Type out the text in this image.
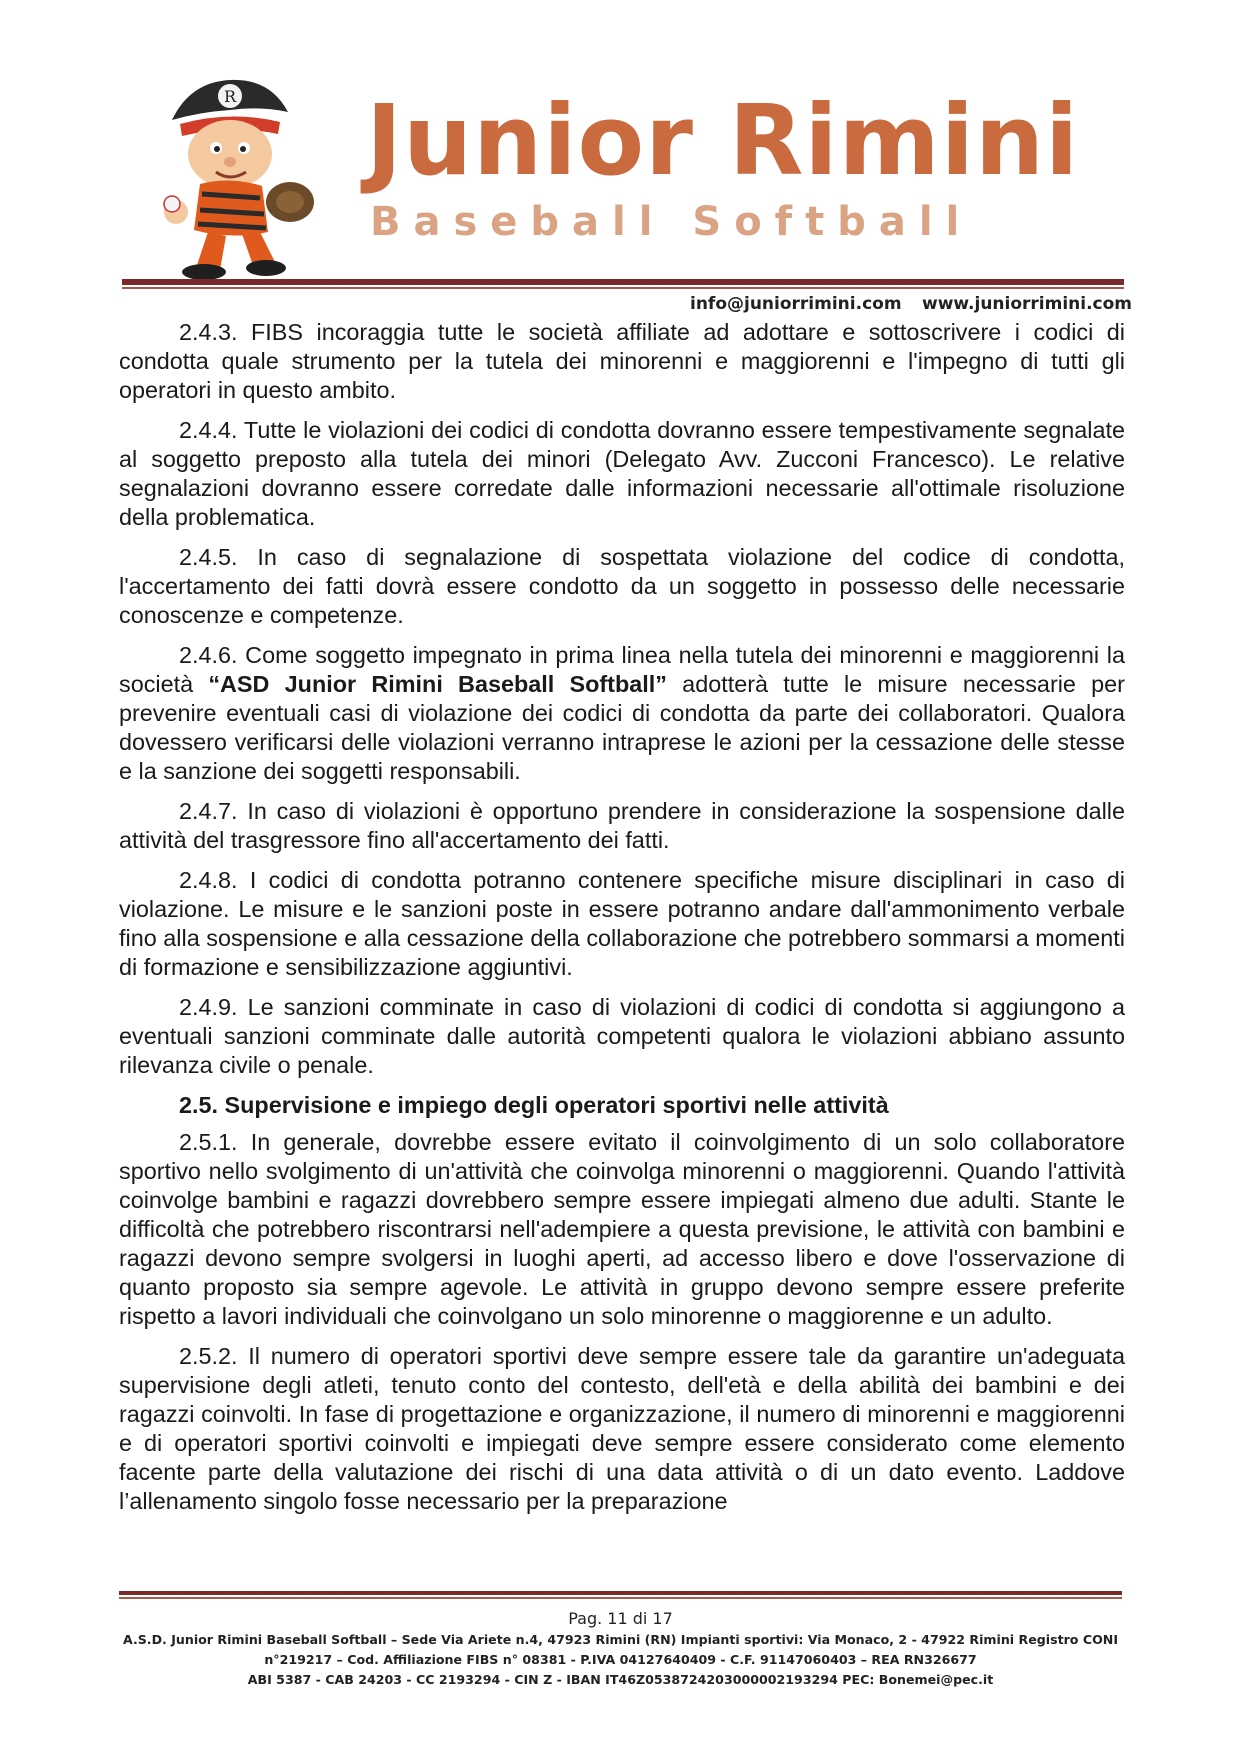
R Junior Rimini
Baseball Softball
info@juniorrimini.com www.juniorrimini.com

2.4.3. FIBS incoraggia tutte le società affiliate ad adottare e sottoscrivere i codici di condotta quale strumento per la tutela dei minorenni e maggiorenni e l'impegno di tutti gli operatori in questo ambito.

2.4.4. Tutte le violazioni dei codici di condotta dovranno essere tempestivamente segnalate al soggetto preposto alla tutela dei minori (Delegato Avv. Zucconi Francesco). Le relative segnalazioni dovranno essere corredate dalle informazioni necessarie all'ottimale risoluzione della problematica.

2.4.5. In caso di segnalazione di sospettata violazione del codice di condotta, l'accertamento dei fatti dovrà essere condotto da un soggetto in possesso delle necessarie conoscenze e competenze.

2.4.6. Come soggetto impegnato in prima linea nella tutela dei minorenni e maggiorenni la società “ASD Junior Rimini Baseball Softball” adotterà tutte le misure necessarie per prevenire eventuali casi di violazione dei codici di condotta da parte dei collaboratori. Qualora dovessero verificarsi delle violazioni verranno intraprese le azioni per la cessazione delle stesse e la sanzione dei soggetti responsabili.

2.4.7. In caso di violazioni è opportuno prendere in considerazione la sospensione dalle attività del trasgressore fino all'accertamento dei fatti.

2.4.8. I codici di condotta potranno contenere specifiche misure disciplinari in caso di violazione. Le misure e le sanzioni poste in essere potranno andare dall'ammonimento verbale fino alla sospensione e alla cessazione della collaborazione che potrebbero sommarsi a momenti di formazione e sensibilizzazione aggiuntivi.

2.4.9. Le sanzioni comminate in caso di violazioni di codici di condotta si aggiungono a eventuali sanzioni comminate dalle autorità competenti qualora le violazioni abbiano assunto rilevanza civile o penale.

2.5. Supervisione e impiego degli operatori sportivi nelle attività

2.5.1. In generale, dovrebbe essere evitato il coinvolgimento di un solo collaboratore sportivo nello svolgimento di un'attività che coinvolga minorenni o maggiorenni. Quando l'attività coinvolge bambini e ragazzi dovrebbero sempre essere impiegati almeno due adulti. Stante le difficoltà che potrebbero riscontrarsi nell'adempiere a questa previsione, le attività con bambini e ragazzi devono sempre svolgersi in luoghi aperti, ad accesso libero e dove l'osservazione di quanto proposto sia sempre agevole. Le attività in gruppo devono sempre essere preferite rispetto a lavori individuali che coinvolgano un solo minorenne o maggiorenne e un adulto.

2.5.2. Il numero di operatori sportivi deve sempre essere tale da garantire un'adeguata supervisione degli atleti, tenuto conto del contesto, dell'età e della abilità dei bambini e dei ragazzi coinvolti. In fase di progettazione e organizzazione, il numero di minorenni e maggiorenni e di operatori sportivi coinvolti e impiegati deve sempre essere considerato come elemento facente parte della valutazione dei rischi di una data attività o di un dato evento. Laddove l’allenamento singolo fosse necessario per la preparazione

Pag. 11 di 17
A.S.D. Junior Rimini Baseball Softball – Sede Via Ariete n.4, 47923 Rimini (RN) Impianti sportivi: Via Monaco, 2 - 47922 Rimini Registro CONI
n°219217 – Cod. Affiliazione FIBS n° 08381 - P.IVA 04127640409 - C.F. 91147060403 – REA RN326677
ABI 5387 - CAB 24203 - CC 2193294 - CIN Z - IBAN IT46Z0538724203000002193294 PEC: Bonemei@pec.it
